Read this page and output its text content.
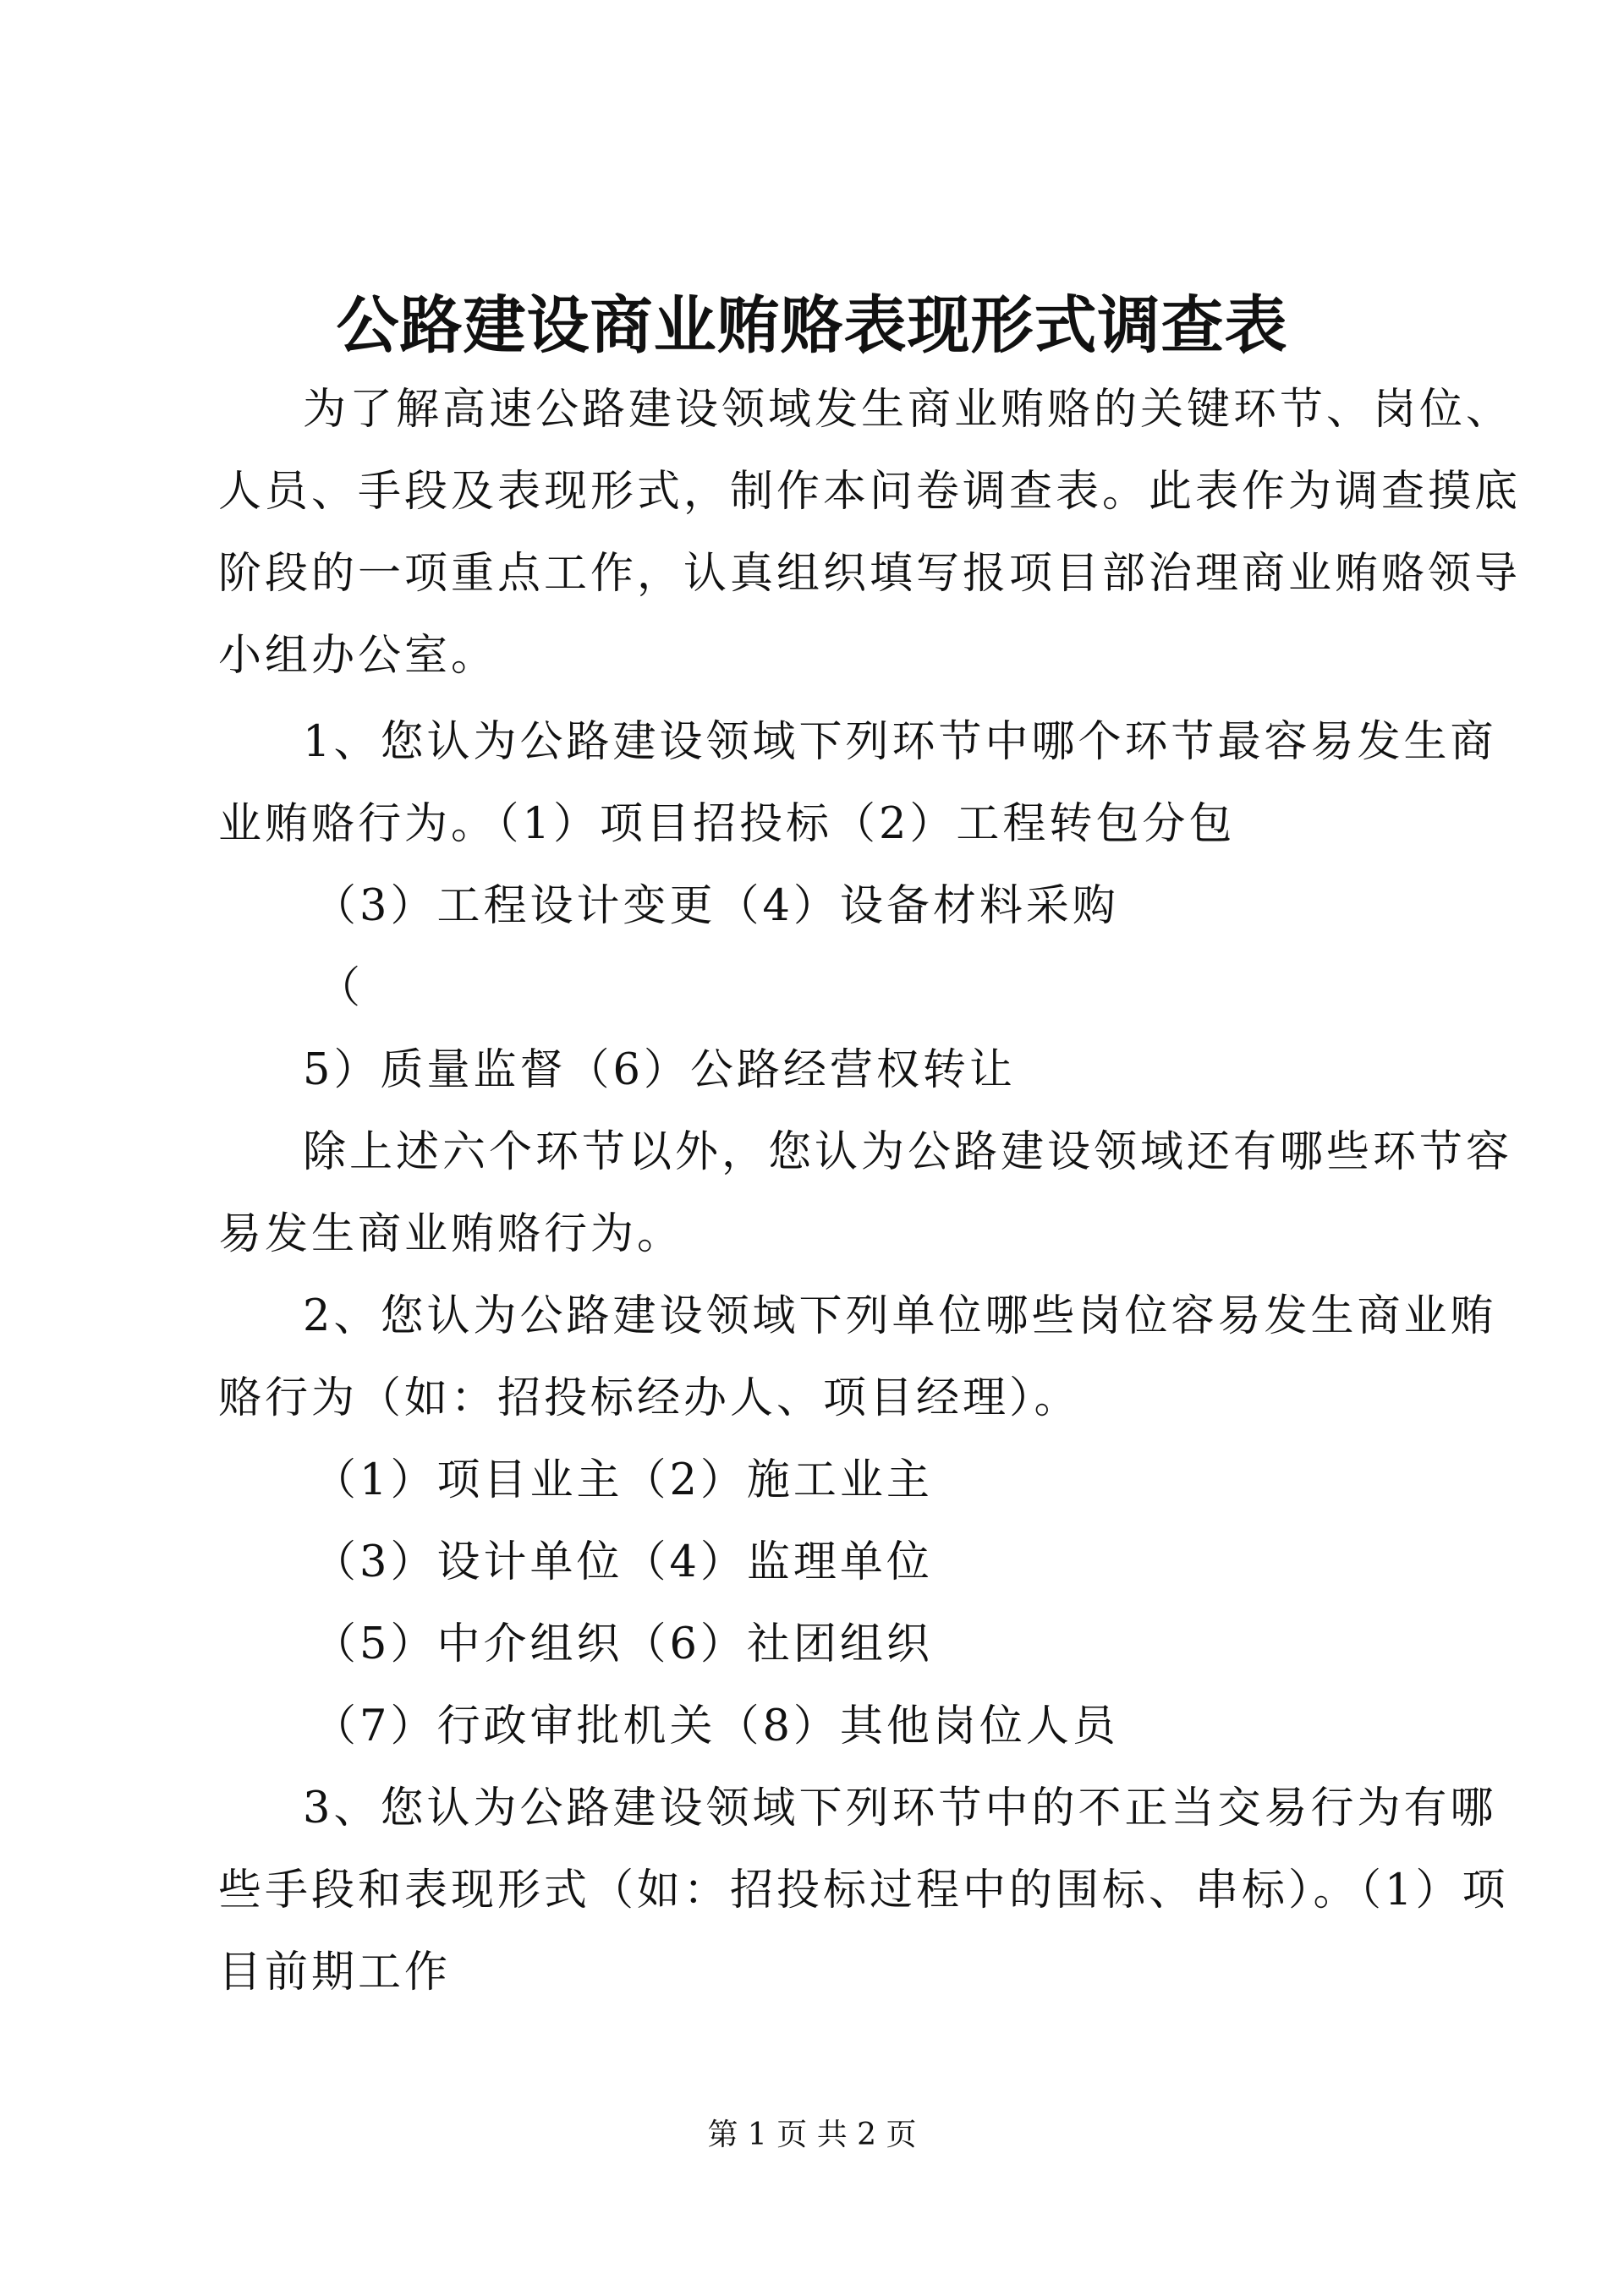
公路建设商业贿赂表现形式调查表
为了解高速公路建设领域发生商业贿赂的关键环节、岗位、
人员、手段及表现形式，制作本问卷调查表。此表作为调查摸底
阶段的一项重点工作，认真组织填写报项目部治理商业贿赂领导
小组办公室。
1、您认为公路建设领域下列环节中哪个环节最容易发生商
业贿赂行为。（1）项目招投标（2）工程转包分包
（3）工程设计变更（4）设备材料采购
（
5）质量监督（6）公路经营权转让
除上述六个环节以外，您认为公路建设领域还有哪些环节容
易发生商业贿赂行为。
2、您认为公路建设领域下列单位哪些岗位容易发生商业贿
赂行为（如：招投标经办人、项目经理）。
（1）项目业主（2）施工业主
（3）设计单位（4）监理单位
（5）中介组织（6）社团组织
（7）行政审批机关（8）其他岗位人员
3、您认为公路建设领域下列环节中的不正当交易行为有哪
些手段和表现形式（如：招投标过程中的围标、串标）。（1）项
目前期工作
第 1 页 共 2 页
